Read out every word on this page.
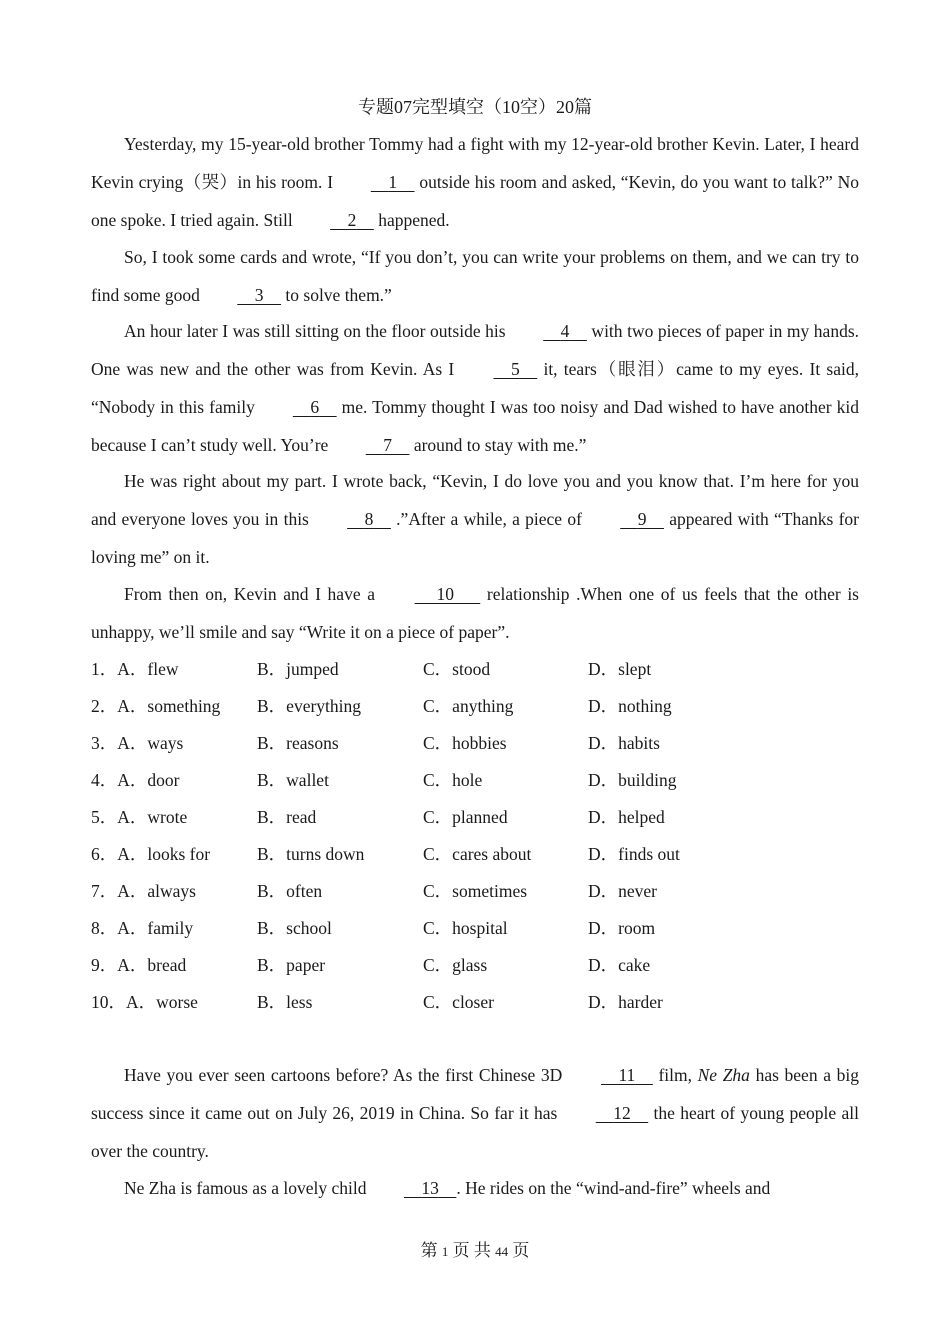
专题07完型填空（10空）20篇

Yesterday, my 15-year-old brother Tommy had a fight with my 12-year-old brother Kevin. Later, I heard Kevin crying（哭）in his room. I	1     outside his room and asked, “Kevin, do you want to talk?” No one spoke. I tried again. Still	2     happened.

So, I took some cards and wrote, “If you don’t, you can write your problems on them, and we can try to find some good	3     to solve them.”

An hour later I was still sitting on the floor outside his	4     with two pieces of paper in my hands. One was new and the other was from Kevin. As I	5     it, tears（眼泪）came to my eyes. It said, “Nobody in this family	6     me. Tommy thought I was too noisy and Dad wished to have another kid because I can’t study well. You’re	7     around to stay with me.”

He was right about my part. I wrote back, “Kevin, I do love you and you know that. I’m here for you and everyone loves you in this	8     .”After a while, a piece of	9     appeared with “Thanks for loving me” on it.

From then on, Kevin and I have a	10       relationship .When one of us feels that the other is unhappy, we’ll smile and say “Write it on a piece of paper”.

1．A．flew	B．jumped	C．stood	D．slept
2．A．something B．everything	C．anything	D．nothing
3．A．ways	B．reasons	C．hobbies	D．habits
4．A．door	B．wallet	C．hole	D．building
5．A．wrote	B．read	C．planned	D．helped
6．A．looks for	B．turns down	C．cares about	D．finds out
7．A．always	B．often	C．sometimes	D．never
8．A．family	B．school	C．hospital	D．room
9．A．bread	B．paper	C．glass	D．cake
10．A．worse	B．less	C．closer	D．harder

Have you ever seen cartoons before? As the first Chinese 3D	11     film, Ne Zha has been a big success since it came out on July 26, 2019 in China. So far it has	12     the heart of young people all over the country.

Ne Zha is famous as a lovely child	13 . He rides on the “wind-and-fire” wheels and

第 1 页 共 44 页
